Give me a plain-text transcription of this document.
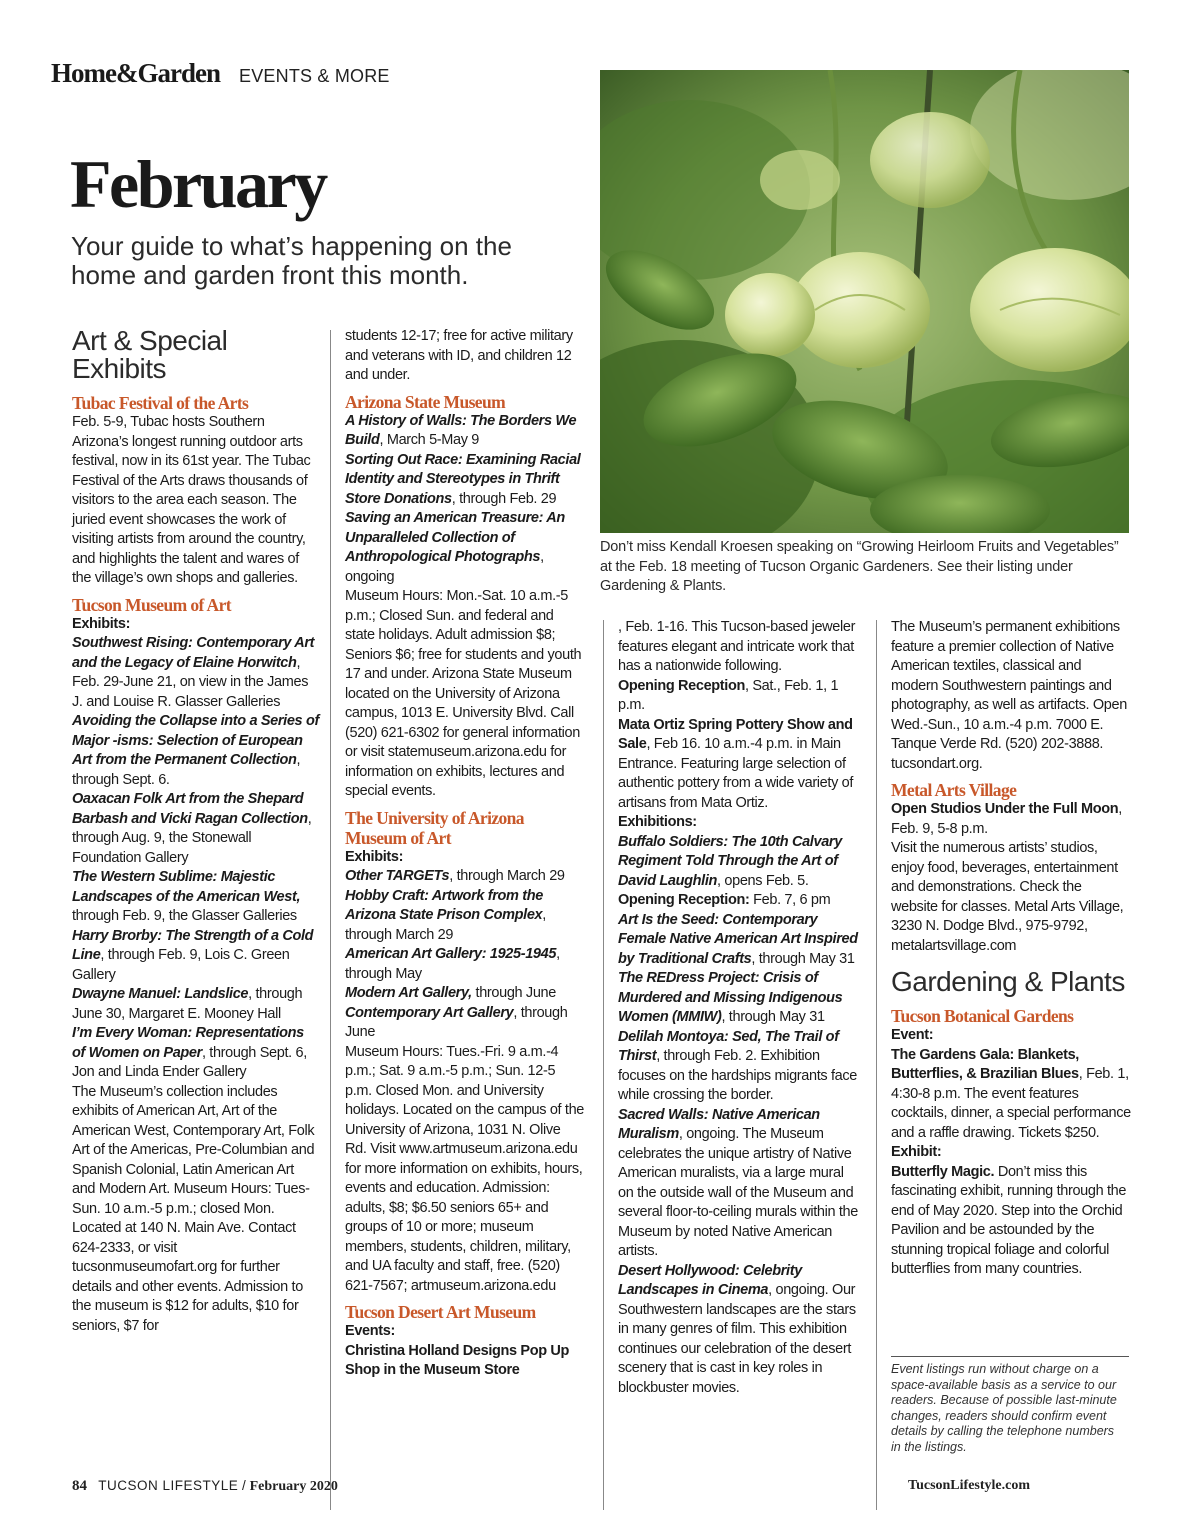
Home&Garden EVENTS & MORE
February
Your guide to what’s happening on the home and garden front this month.
Don’t miss Kendall Kroesen speaking on “Growing Heirloom Fruits and Vegetables” at the Feb. 18 meeting of Tucson Organic Gardeners. See their listing under Gardening & Plants.
Art & Special Exhibits
Tubac Festival of the Arts
Feb. 5-9, Tubac hosts Southern Arizona’s longest running outdoor arts festival, now in its 61st year. The Tubac Festival of the Arts draws thousands of visitors to the area each season. The juried event showcases the work of visiting artists from around the country, and highlights the talent and wares of the village’s own shops and galleries.
Tucson Museum of Art
Exhibits:
Southwest Rising: Contemporary Art and the Legacy of Elaine Horwitch, Feb. 29-June 21, on view in the James J. and Louise R. Glasser Galleries
Avoiding the Collapse into a Series of Major -isms: Selection of European Art from the Permanent Collection, through Sept. 6.
Oaxacan Folk Art from the Shepard Barbash and Vicki Ragan Collection, through Aug. 9, the Stonewall Foundation Gallery
The Western Sublime: Majestic Landscapes of the American West, through Feb. 9, the Glasser Galleries
Harry Brorby: The Strength of a Cold Line, through Feb. 9, Lois C. Green Gallery
Dwayne Manuel: Landslice, through June 30, Margaret E. Mooney Hall
I’m Every Woman: Representations of Women on Paper, through Sept. 6, Jon and Linda Ender Gallery
The Museum’s collection includes exhibits of American Art, Art of the American West, Contemporary Art, Folk Art of the Americas, Pre-Columbian and Spanish Colonial, Latin American Art and Modern Art. Museum Hours: Tues-Sun. 10 a.m.-5 p.m.; closed Mon. Located at 140 N. Main Ave. Contact 624-2333, or visit tucsonmuseumofart.org for further details and other events. Admission to the museum is $12 for adults, $10 for seniors, $7 for
students 12-17; free for active military and veterans with ID, and children 12 and under.
Arizona State Museum
A History of Walls: The Borders We Build, March 5-May 9
Sorting Out Race: Examining Racial Identity and Stereotypes in Thrift Store Donations, through Feb. 29
Saving an American Treasure: An Unparalleled Collection of Anthropological Photographs, ongoing
Museum Hours: Mon.-Sat. 10 a.m.-5 p.m.; Closed Sun. and federal and state holidays. Adult admission $8; Seniors $6; free for students and youth 17 and under. Arizona State Museum located on the University of Arizona campus, 1013 E. University Blvd. Call (520) 621-6302 for general information or visit statemuseum.arizona.edu for information on exhibits, lectures and special events.
The University of Arizona Museum of Art
Exhibits:
Other TARGETs, through March 29
Hobby Craft: Artwork from the Arizona State Prison Complex, through March 29
American Art Gallery: 1925-1945, through May
Modern Art Gallery, through June
Contemporary Art Gallery, through June
Museum Hours: Tues.-Fri. 9 a.m.-4 p.m.; Sat. 9 a.m.-5 p.m.; Sun. 12-5 p.m. Closed Mon. and University holidays. Located on the campus of the University of Arizona, 1031 N. Olive Rd. Visit www.artmuseum.arizona.edu for more information on exhibits, hours, events and education. Admission: adults, $8; $6.50 seniors 65+ and groups of 10 or more; museum members, students, children, military, and UA faculty and staff, free. (520) 621-7567; artmuseum.arizona.edu
Tucson Desert Art Museum
Events:
Christina Holland Designs Pop Up Shop in the Museum Store
, Feb. 1-16. This Tucson-based jeweler features elegant and intricate work that has a nationwide following.
Opening Reception, Sat., Feb. 1, 1 p.m.
Mata Ortiz Spring Pottery Show and Sale, Feb 16. 10 a.m.-4 p.m. in Main Entrance. Featuring large selection of authentic pottery from a wide variety of artisans from Mata Ortiz.
Exhibitions:
Buffalo Soldiers: The 10th Calvary Regiment Told Through the Art of David Laughlin, opens Feb. 5.
Opening Reception: Feb. 7, 6 pm
Art Is the Seed: Contemporary Female Native American Art Inspired by Traditional Crafts, through May 31
The REDress Project: Crisis of Murdered and Missing Indigenous Women (MMIW), through May 31
Delilah Montoya: Sed, The Trail of Thirst, through Feb. 2. Exhibition focuses on the hardships migrants face while crossing the border.
Sacred Walls: Native American Muralism, ongoing. The Museum celebrates the unique artistry of Native American muralists, via a large mural on the outside wall of the Museum and several floor-to-ceiling murals within the Museum by noted Native American artists.
Desert Hollywood: Celebrity Landscapes in Cinema, ongoing. Our Southwestern landscapes are the stars in many genres of film. This exhibition continues our celebration of the desert scenery that is cast in key roles in blockbuster movies.
The Museum’s permanent exhibitions feature a premier collection of Native American textiles, classical and modern Southwestern paintings and photography, as well as artifacts. Open Wed.-Sun., 10 a.m.-4 p.m. 7000 E. Tanque Verde Rd. (520) 202-3888. tucsondart.org.
Metal Arts Village
Open Studios Under the Full Moon, Feb. 9, 5-8 p.m.
Visit the numerous artists’ studios, enjoy food, beverages, entertainment and demonstrations. Check the website for classes. Metal Arts Village, 3230 N. Dodge Blvd., 975-9792, metalartsvillage.com
Gardening & Plants
Tucson Botanical Gardens
Event:
The Gardens Gala: Blankets, Butterflies, & Brazilian Blues, Feb. 1, 4:30-8 p.m. The event features cocktails, dinner, a special performance and a raffle drawing. Tickets $250.
Exhibit:
Butterfly Magic. Don’t miss this fascinating exhibit, running through the end of May 2020. Step into the Orchid Pavilion and be astounded by the stunning tropical foliage and colorful butterflies from many countries.
Event listings run without charge on a space-available basis as a service to our readers. Because of possible last-minute changes, readers should confirm event details by calling the telephone numbers in the listings.
84 TUCSON LIFESTYLE / February 2020	TucsonLifestyle.com
